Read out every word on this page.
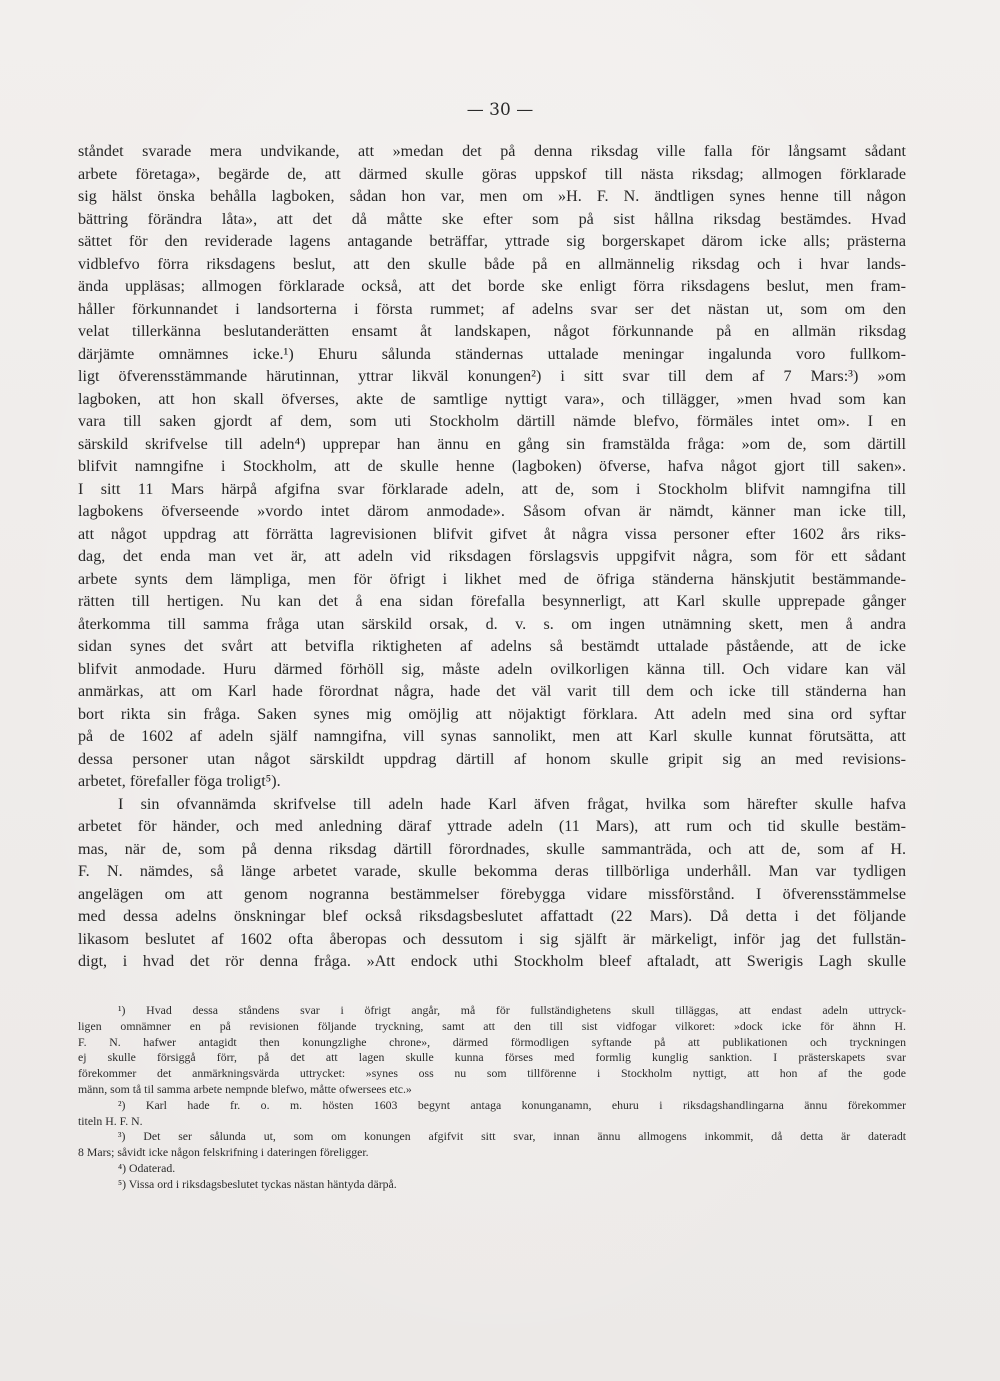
— 30 —
ståndet svarade mera undvikande, att »medan det på denna riksdag ville falla för långsamt sådant
arbete företaga», begärde de, att därmed skulle göras uppskof till nästa riksdag; allmogen förklarade
sig hälst önska behålla lagboken, sådan hon var, men om »H. F. N. ändtligen synes henne till någon
bättring förändra låta», att det då måtte ske efter som på sist hållna riksdag bestämdes. Hvad
sättet för den reviderade lagens antagande beträffar, yttrade sig borgerskapet därom icke alls; prästerna
vidblefvo förra riksdagens beslut, att den skulle både på en allmännelig riksdag och i hvar lands-
ända uppläsas; allmogen förklarade också, att det borde ske enligt förra riksdagens beslut, men fram-
håller förkunnandet i landsorterna i första rummet; af adelns svar ser det nästan ut, som om den
velat tillerkänna beslutanderätten ensamt åt landskapen, något förkunnande på en allmän riksdag
därjämte omnämnes icke.¹) Ehuru sålunda ständernas uttalade meningar ingalunda voro fullkom-
ligt öfverensstämmande härutinnan, yttrar likväl konungen²) i sitt svar till dem af 7 Mars:³) »om
lagboken, att hon skall öfverses, akte de samtlige nyttigt vara», och tillägger, »men hvad som kan
vara till saken gjordt af dem, som uti Stockholm därtill nämde blefvo, förmäles intet om». I en
särskild skrifvelse till adeln⁴) upprepar han ännu en gång sin framstälda fråga: »om de, som därtill
blifvit namngifne i Stockholm, att de skulle henne (lagboken) öfverse, hafva något gjort till saken».
I sitt 11 Mars härpå afgifna svar förklarade adeln, att de, som i Stockholm blifvit namngifna till
lagbokens öfverseende »vordo intet därom anmodade». Såsom ofvan är nämdt, känner man icke till,
att något uppdrag att förrätta lagrevisionen blifvit gifvet åt några vissa personer efter 1602 års riks-
dag, det enda man vet är, att adeln vid riksdagen förslagsvis uppgifvit några, som för ett sådant
arbete synts dem lämpliga, men för öfrigt i likhet med de öfriga ständerna hänskjutit bestämmande-
rätten till hertigen. Nu kan det å ena sidan förefalla besynnerligt, att Karl skulle upprepade gånger
återkomma till samma fråga utan särskild orsak, d. v. s. om ingen utnämning skett, men å andra
sidan synes det svårt att betvifla riktigheten af adelns så bestämdt uttalade påstående, att de icke
blifvit anmodade. Huru därmed förhöll sig, måste adeln ovilkorligen känna till. Och vidare kan väl
anmärkas, att om Karl hade förordnat några, hade det väl varit till dem och icke till ständerna han
bort rikta sin fråga. Saken synes mig omöjlig att nöjaktigt förklara. Att adeln med sina ord syftar
på de 1602 af adeln själf namngifna, vill synas sannolikt, men att Karl skulle kunnat förutsätta, att
dessa personer utan något särskildt uppdrag därtill af honom skulle gripit sig an med revisions-
arbetet, förefaller föga troligt⁵).
I sin ofvannämda skrifvelse till adeln hade Karl äfven frågat, hvilka som härefter skulle hafva
arbetet för händer, och med anledning däraf yttrade adeln (11 Mars), att rum och tid skulle bestäm-
mas, när de, som på denna riksdag därtill förordnades, skulle sammanträda, och att de, som af H.
F. N. nämdes, så länge arbetet varade, skulle bekomma deras tillbörliga underhåll. Man var tydligen
angelägen om att genom nogranna bestämmelser förebygga vidare missförstånd. I öfverensstämmelse
med dessa adelns önskningar blef också riksdagsbeslutet affattadt (22 Mars). Då detta i det följande
likasom beslutet af 1602 ofta åberopas och dessutom i sig själft är märkeligt, inför jag det fullstän-
digt, i hvad det rör denna fråga. »Att endock uthi Stockholm bleef aftaladt, att Swerigis Lagh skulle
¹) Hvad dessa ståndens svar i öfrigt angår, må för fullständighetens skull tilläggas, att endast adeln uttryck-
ligen omnämner en på revisionen följande tryckning, samt att den till sist vidfogar vilkoret: »dock icke för ähnn H.
F. N. hafwer antagidt then konungzlighe chrone», därmed förmodligen syftande på att publikationen och tryckningen
ej skulle försiggå förr, på det att lagen skulle kunna förses med formlig kunglig sanktion. I prästerskapets svar
förekommer det anmärkningsvärda uttrycket: »synes oss nu som tillförenne i Stockholm nyttigt, att hon af the gode
männ, som tå til samma arbete nempnde blefwo, måtte ofwersees etc.»
²) Karl hade fr. o. m. hösten 1603 begynt antaga konunganamn, ehuru i riksdagshandlingarna ännu förekommer
titeln H. F. N.
³) Det ser sålunda ut, som om konungen afgifvit sitt svar, innan ännu allmogens inkommit, då detta är dateradt
8 Mars; såvidt icke någon felskrifning i dateringen föreligger.
⁴) Odaterad.
⁵) Vissa ord i riksdagsbeslutet tyckas nästan häntyda därpå.
